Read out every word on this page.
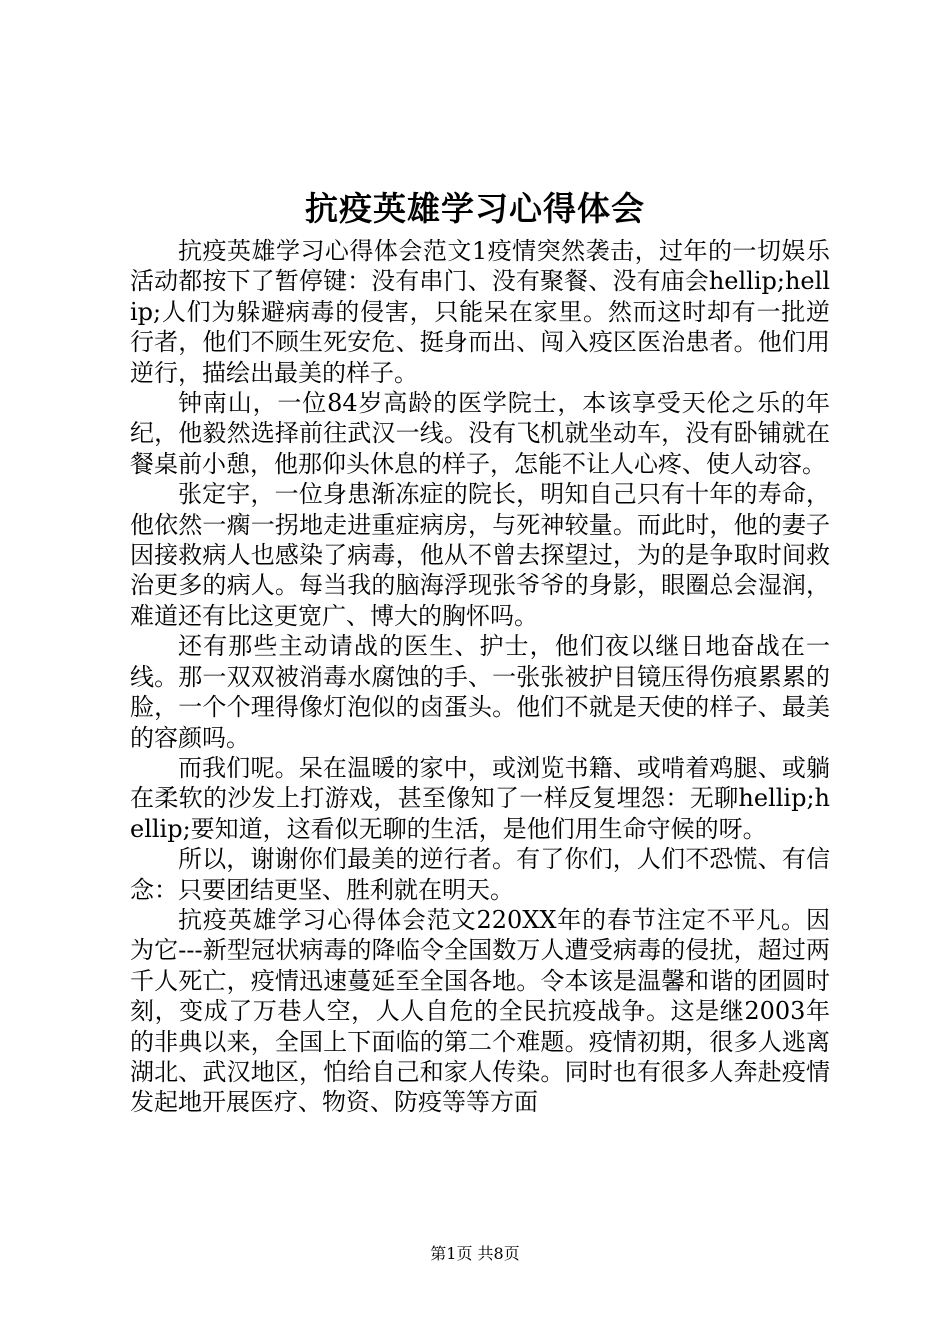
抗疫英雄学习心得体会

抗疫英雄学习心得体会范文1疫情突然袭击，过年的一切娱乐活动都按下了暂停键：没有串门、没有聚餐、没有庙会hellip;hellip;人们为躲避病毒的侵害，只能呆在家里。然而这时却有一批逆行者，他们不顾生死安危、挺身而出、闯入疫区医治患者。他们用逆行，描绘出最美的样子。

钟南山，一位84岁高龄的医学院士，本该享受天伦之乐的年纪，他毅然选择前往武汉一线。没有飞机就坐动车，没有卧铺就在餐桌前小憩，他那仰头休息的样子，怎能不让人心疼、使人动容。

张定宇，一位身患渐冻症的院长，明知自己只有十年的寿命，他依然一瘸一拐地走进重症病房，与死神较量。而此时，他的妻子因接救病人也感染了病毒，他从不曾去探望过，为的是争取时间救治更多的病人。每当我的脑海浮现张爷爷的身影，眼圈总会湿润，难道还有比这更宽广、博大的胸怀吗。

还有那些主动请战的医生、护士，他们夜以继日地奋战在一线。那一双双被消毒水腐蚀的手、一张张被护目镜压得伤痕累累的脸，一个个理得像灯泡似的卤蛋头。他们不就是天使的样子、最美的容颜吗。

而我们呢。呆在温暖的家中，或浏览书籍、或啃着鸡腿、或躺在柔软的沙发上打游戏，甚至像知了一样反复埋怨：无聊hellip;hellip;要知道，这看似无聊的生活，是他们用生命守候的呀。

所以，谢谢你们最美的逆行者。有了你们，人们不恐慌、有信念：只要团结更坚、胜利就在明天。

抗疫英雄学习心得体会范文220XX年的春节注定不平凡。因为它---新型冠状病毒的降临令全国数万人遭受病毒的侵扰，超过两千人死亡，疫情迅速蔓延至全国各地。令本该是温馨和谐的团圆时刻，变成了万巷人空，人人自危的全民抗疫战争。这是继2003年的非典以来，全国上下面临的第二个难题。疫情初期，很多人逃离湖北、武汉地区，怕给自己和家人传染。同时也有很多人奔赴疫情发起地开展医疗、物资、防疫等等方面

第1页 共8页
